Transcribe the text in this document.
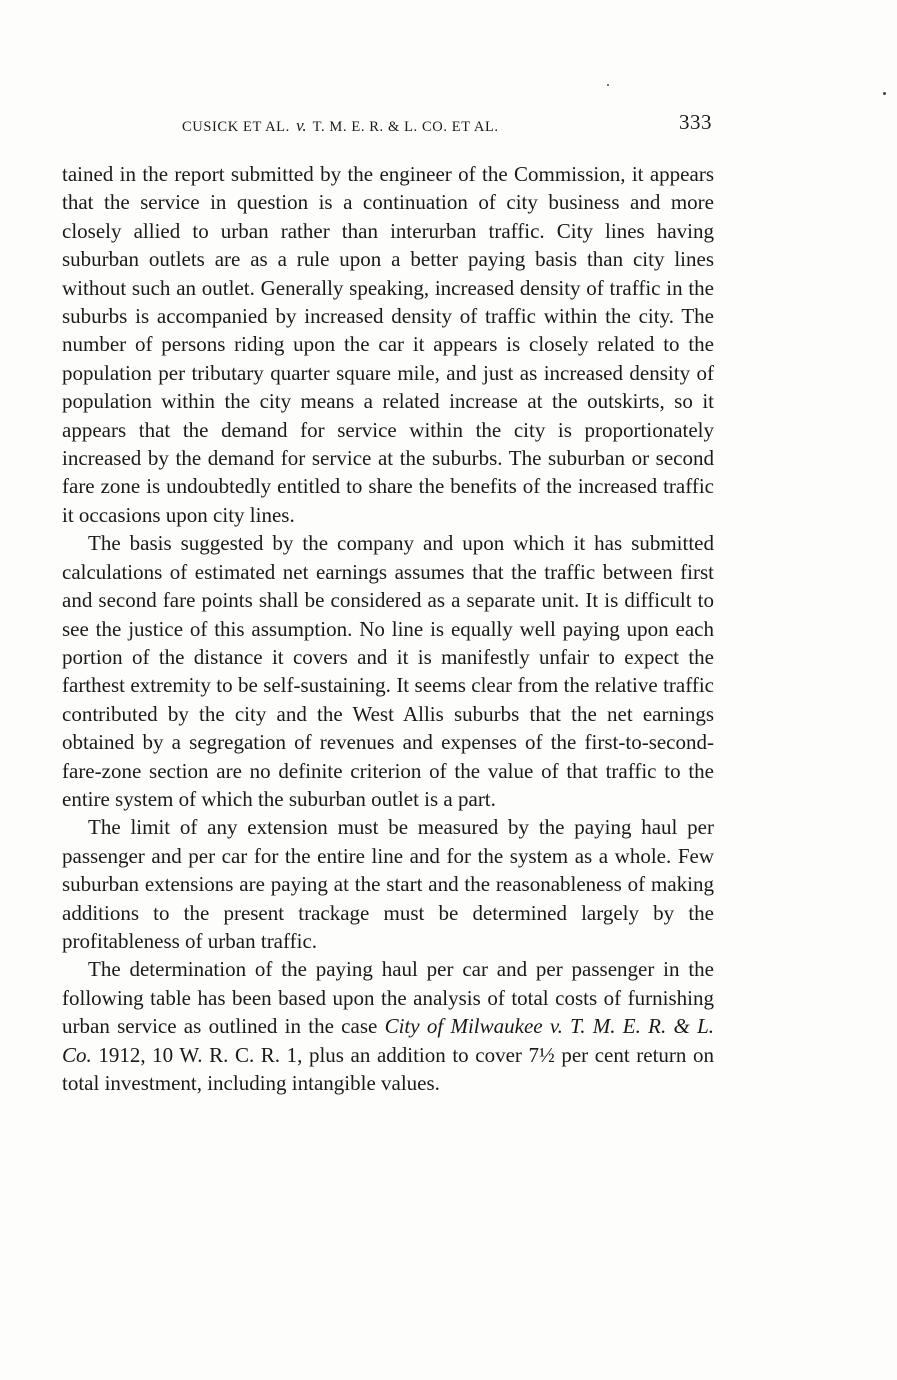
CUSICK ET AL. v. T. M. E. R. & L. CO. ET AL.	333

tained in the report submitted by the engineer of the Commission, it appears that the service in question is a continuation of city business and more closely allied to urban rather than interurban traffic. City lines having suburban outlets are as a rule upon a better paying basis than city lines without such an outlet. Generally speaking, increased density of traffic in the suburbs is accompanied by increased density of traffic within the city. The number of persons riding upon the car it appears is closely related to the population per tributary quarter square mile, and just as increased density of population within the city means a related increase at the outskirts, so it appears that the demand for service within the city is proportionately increased by the demand for service at the suburbs. The suburban or second fare zone is undoubtedly entitled to share the benefits of the increased traffic it occasions upon city lines.

The basis suggested by the company and upon which it has submitted calculations of estimated net earnings assumes that the traffic between first and second fare points shall be considered as a separate unit. It is difficult to see the justice of this assumption. No line is equally well paying upon each portion of the distance it covers and it is manifestly unfair to expect the farthest extremity to be self-sustaining. It seems clear from the relative traffic contributed by the city and the West Allis suburbs that the net earnings obtained by a segregation of revenues and expenses of the first-to-second-fare-zone section are no definite criterion of the value of that traffic to the entire system of which the suburban outlet is a part.

The limit of any extension must be measured by the paying haul per passenger and per car for the entire line and for the system as a whole. Few suburban extensions are paying at the start and the reasonableness of making additions to the present trackage must be determined largely by the profitableness of urban traffic.

The determination of the paying haul per car and per passenger in the following table has been based upon the analysis of total costs of furnishing urban service as outlined in the case City of Milwaukee v. T. M. E. R. & L. Co. 1912, 10 W. R. C. R. 1, plus an addition to cover 7½ per cent return on total investment, including intangible values.
